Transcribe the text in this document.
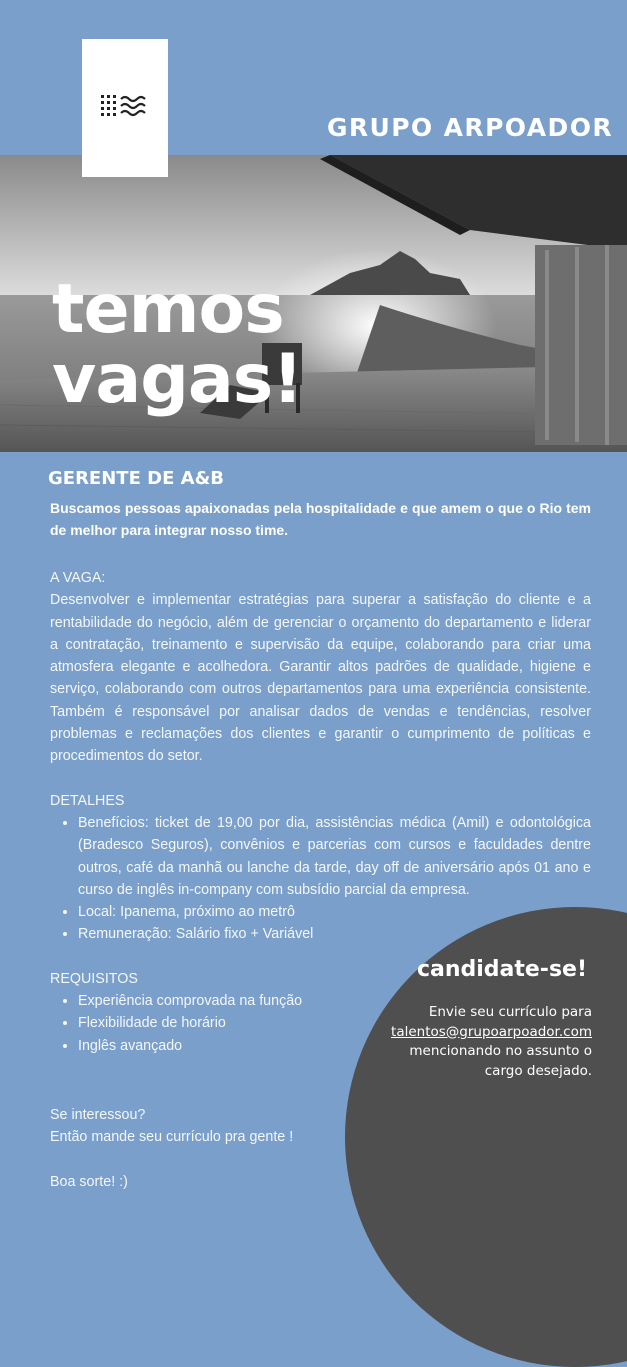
GRUPO ARPOADOR
temos
vagas!
GERENTE DE A&B
Buscamos pessoas apaixonadas pela hospitalidade e que amem o que o Rio tem de melhor para integrar nosso time.

A VAGA:

Desenvolver e implementar estratégias para superar a satisfação do cliente e a rentabilidade do negócio, além de gerenciar o orçamento do departamento e liderar a contratação, treinamento e supervisão da equipe, colaborando para criar uma atmosfera elegante e acolhedora. Garantir altos padrões de qualidade, higiene e serviço, colaborando com outros departamentos para uma experiência consistente. Também é responsável por analisar dados de vendas e tendências, resolver problemas e reclamações dos clientes e garantir o cumprimento de políticas e procedimentos do setor.

DETALHES

• Benefícios: ticket de 19,00 por dia, assistências médica (Amil) e odontológica (Bradesco Seguros), convênios e parcerias com cursos e faculdades dentre outros, café da manhã ou lanche da tarde, day off de aniversário após 01 ano e curso de inglês in-company com subsídio parcial da empresa.
• Local: Ipanema, próximo ao metrô
• Remuneração: Salário fixo + Variável

REQUISITOS

• Experiência comprovada na função
• Flexibilidade de horário
• Inglês avançado
Se interessou?
Então mande seu currículo pra gente !
Boa sorte! :)
candidate-se!
Envie seu currículo para
talentos@grupoarpoador.com
mencionando no assunto o
cargo desejado.
